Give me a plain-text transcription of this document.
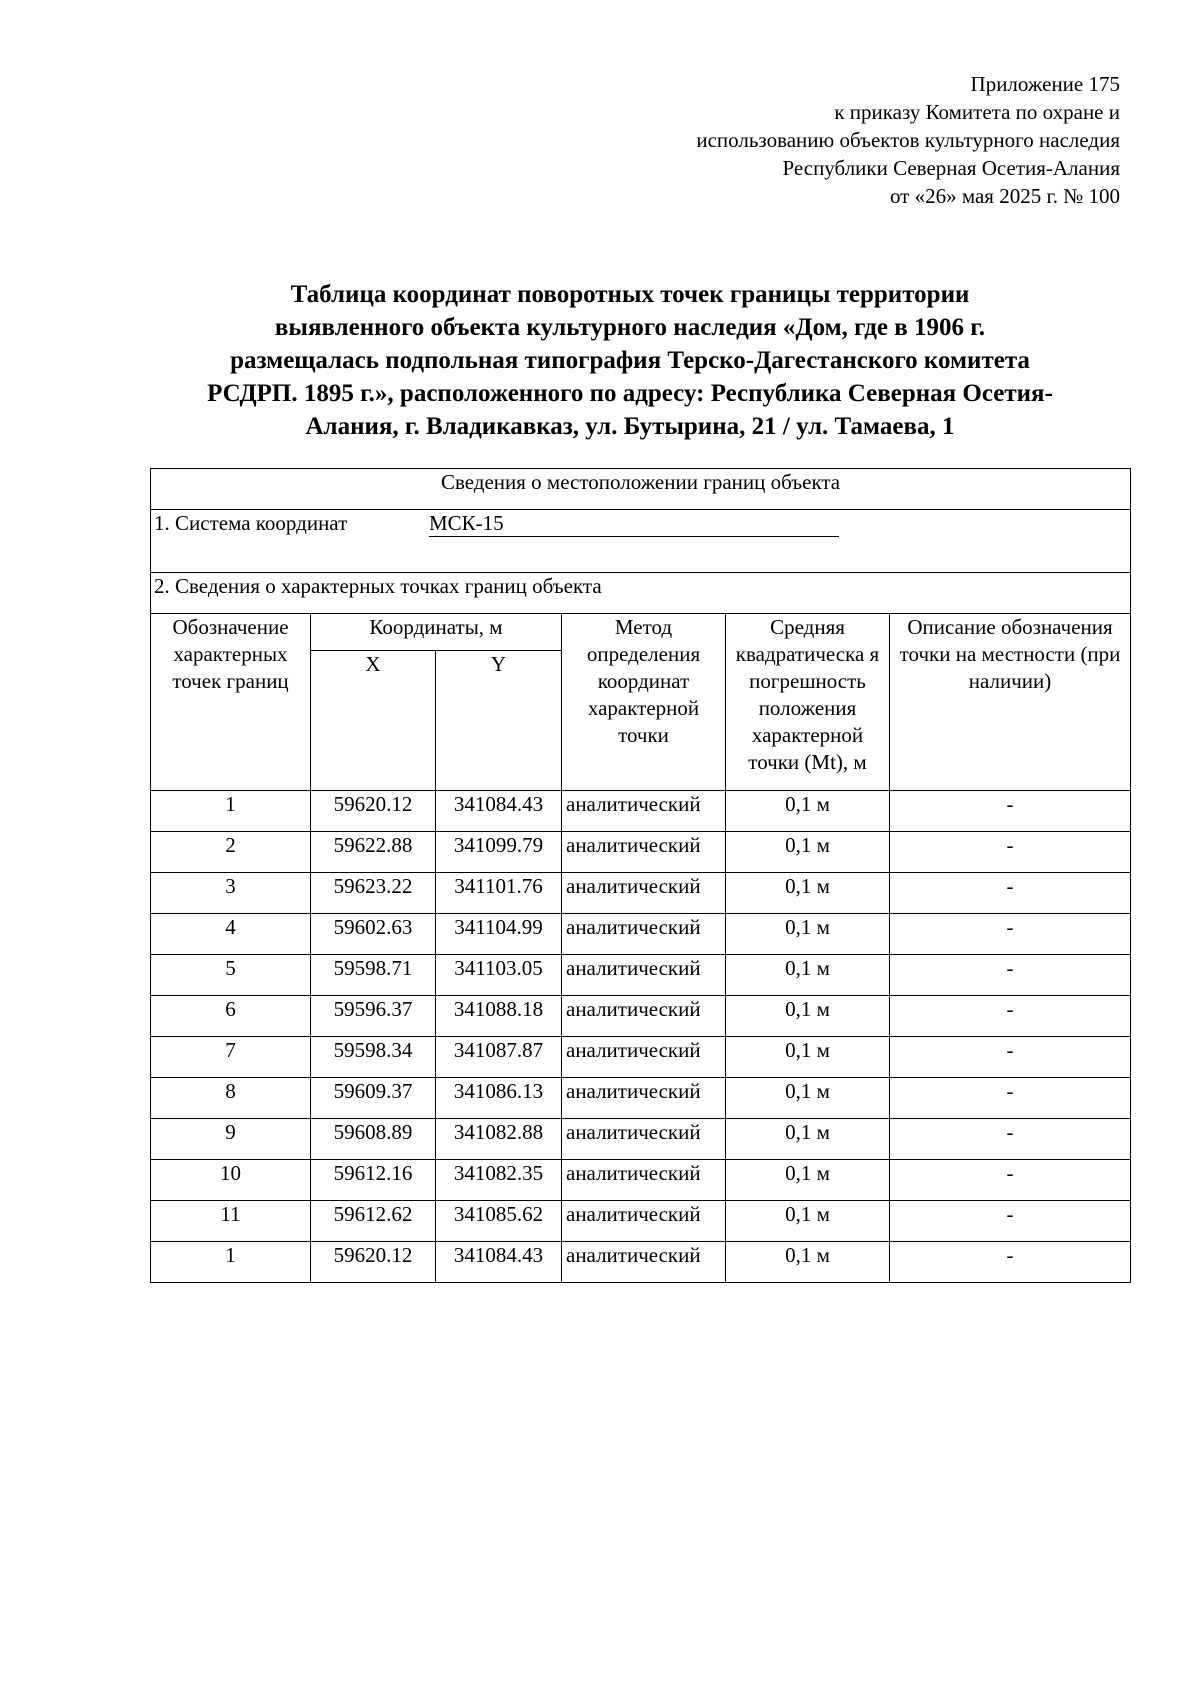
Приложение 175
к приказу Комитета по охране и
использованию объектов культурного наследия
Республики Северная Осетия-Алания
от «26» мая 2025 г. № 100
Таблица координат поворотных точек границы территории
выявленного объекта культурного наследия «Дом, где в 1906 г.
размещалась подпольная типография Терско-Дагестанского комитета
РСДРП. 1895 г.», расположенного по адресу: Республика Северная Осетия-
Алания, г. Владикавказ, ул. Бутырина, 21 / ул. Тамаева, 1
Сведения о местоположении границ объекта					
1. Система координат МСК-15					
2. Сведения о характерных точках границ объекта					
Обозначение характерных точек границ	Координаты, м		Метод определения координат характерной точки	Средняя квадратическа я погрешность положения характерной точки (Mt), м	Описание обозначения точки на местности (при наличии)
	X	Y			
1	59620.12	341084.43	аналитический	0,1 м	-
2	59622.88	341099.79	аналитический	0,1 м	-
3	59623.22	341101.76	аналитический	0,1 м	-
4	59602.63	341104.99	аналитический	0,1 м	-
5	59598.71	341103.05	аналитический	0,1 м	-
6	59596.37	341088.18	аналитический	0,1 м	-
7	59598.34	341087.87	аналитический	0,1 м	-
8	59609.37	341086.13	аналитический	0,1 м	-
9	59608.89	341082.88	аналитический	0,1 м	-
10	59612.16	341082.35	аналитический	0,1 м	-
11	59612.62	341085.62	аналитический	0,1 м	-
1	59620.12	341084.43	аналитический	0,1 м	-
